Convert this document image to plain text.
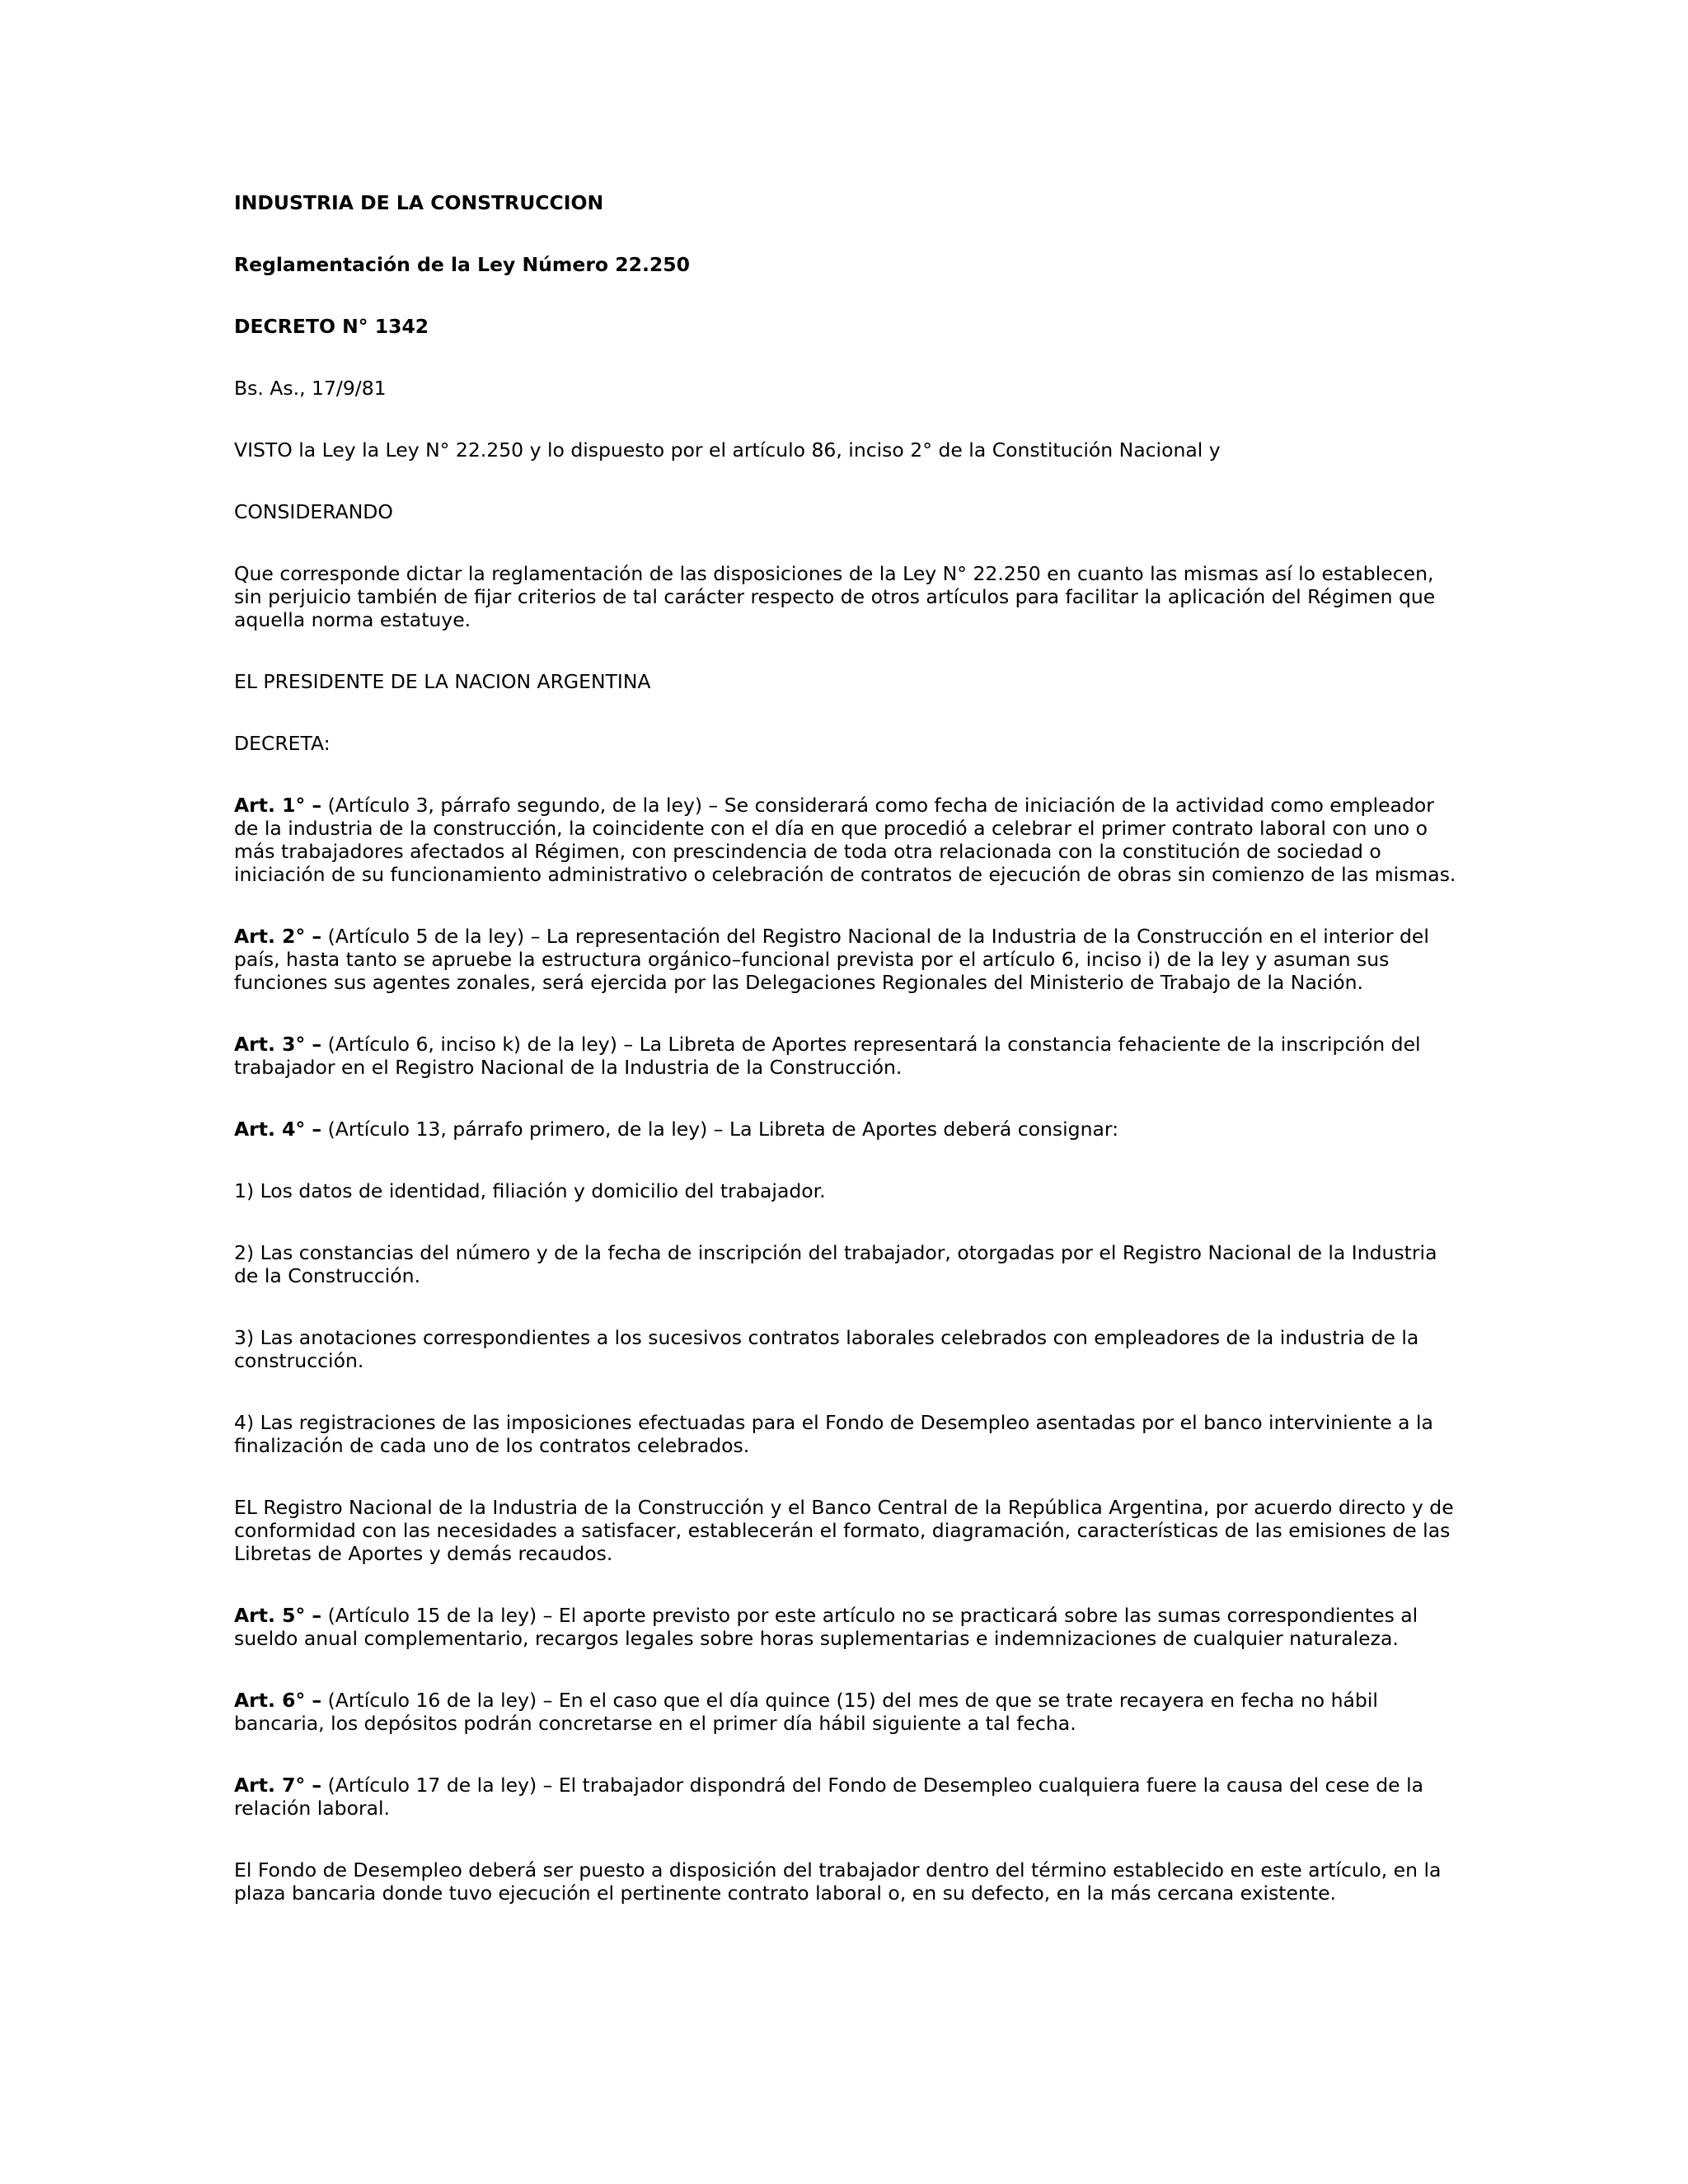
INDUSTRIA DE LA CONSTRUCCION

Reglamentación de la Ley Número 22.250

DECRETO N° 1342

Bs. As., 17/9/81

VISTO la Ley la Ley N° 22.250 y lo dispuesto por el artículo 86, inciso 2° de la Constitución Nacional y

CONSIDERANDO

Que corresponde dictar la reglamentación de las disposiciones de la Ley N° 22.250 en cuanto las mismas así lo establecen, sin perjuicio también de fijar criterios de tal carácter respecto de otros artículos para facilitar la aplicación del Régimen que aquella norma estatuye.

EL PRESIDENTE DE LA NACION ARGENTINA

DECRETA:

Art. 1° – (Artículo 3, párrafo segundo, de la ley) – Se considerará como fecha de iniciación de la actividad como empleador de la industria de la construcción, la coincidente con el día en que procedió a celebrar el primer contrato laboral con uno o más trabajadores afectados al Régimen, con prescindencia de toda otra relacionada con la constitución de sociedad o iniciación de su funcionamiento administrativo o celebración de contratos de ejecución de obras sin comienzo de las mismas.

Art. 2° – (Artículo 5 de la ley) – La representación del Registro Nacional de la Industria de la Construcción en el interior del país, hasta tanto se apruebe la estructura orgánico–funcional prevista por el artículo 6, inciso i) de la ley y asuman sus funciones sus agentes zonales, será ejercida por las Delegaciones Regionales del Ministerio de Trabajo de la Nación.

Art. 3° – (Artículo 6, inciso k) de la ley) – La Libreta de Aportes representará la constancia fehaciente de la inscripción del trabajador en el Registro Nacional de la Industria de la Construcción.

Art. 4° – (Artículo 13, párrafo primero, de la ley) – La Libreta de Aportes deberá consignar:

1) Los datos de identidad, filiación y domicilio del trabajador.

2) Las constancias del número y de la fecha de inscripción del trabajador, otorgadas por el Registro Nacional de la Industria de la Construcción.

3) Las anotaciones correspondientes a los sucesivos contratos laborales celebrados con empleadores de la industria de la construcción.

4) Las registraciones de las imposiciones efectuadas para el Fondo de Desempleo asentadas por el banco interviniente a la finalización de cada uno de los contratos celebrados.

EL Registro Nacional de la Industria de la Construcción y el Banco Central de la República Argentina, por acuerdo directo y de conformidad con las necesidades a satisfacer, establecerán el formato, diagramación, características de las emisiones de las Libretas de Aportes y demás recaudos.

Art. 5° – (Artículo 15 de la ley) – El aporte previsto por este artículo no se practicará sobre las sumas correspondientes al sueldo anual complementario, recargos legales sobre horas suplementarias e indemnizaciones de cualquier naturaleza.

Art. 6° – (Artículo 16 de la ley) – En el caso que el día quince (15) del mes de que se trate recayera en fecha no hábil bancaria, los depósitos podrán concretarse en el primer día hábil siguiente a tal fecha.

Art. 7° – (Artículo 17 de la ley) – El trabajador dispondrá del Fondo de Desempleo cualquiera fuere la causa del cese de la relación laboral.

El Fondo de Desempleo deberá ser puesto a disposición del trabajador dentro del término establecido en este artículo, en la plaza bancaria donde tuvo ejecución el pertinente contrato laboral o, en su defecto, en la más cercana existente.
